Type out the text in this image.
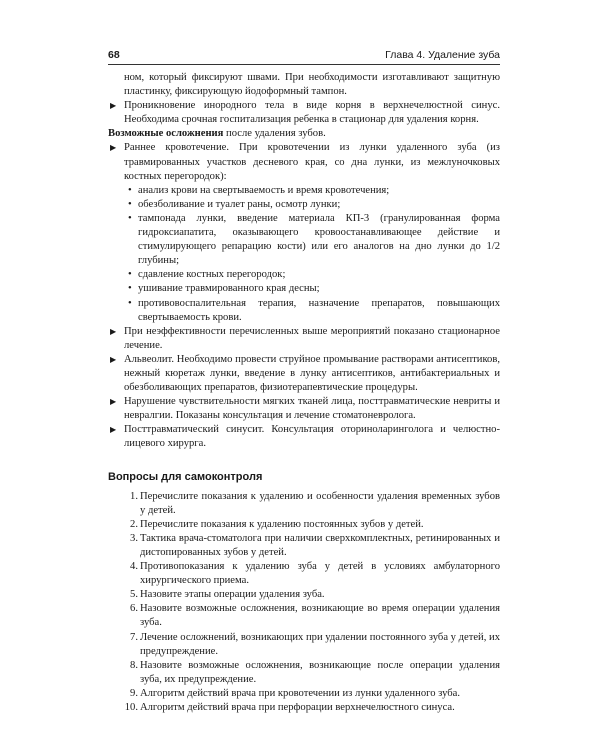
68	Глава 4. Удаление зуба

ном, который фиксируют швами. При необходимости изготавливают защитную пластинку, фиксирующую йодоформный тампон.

▶ Проникновение инородного тела в виде корня в верхнечелюстной синус. Необходима срочная госпитализация ребенка в стационар для удаления корня.

Возможные осложнения после удаления зубов.

▶ Раннее кровотечение. При кровотечении из лунки удаленного зуба (из травмированных участков десневого края, со дна лунки, из межлуночковых костных перегородок):

• анализ крови на свертываемость и время кровотечения;

• обезболивание и туалет раны, осмотр лунки;

• тампонада лунки, введение материала КП-3 (гранулированная форма гидроксиапатита, оказывающего кровоостанавливающее действие и стимулирующего репарацию кости) или его аналогов на дно лунки до 1/2 глубины;

• сдавление костных перегородок;

• ушивание травмированного края десны;

• противовоспалительная терапия, назначение препаратов, повышающих свертываемость крови.

▶ При неэффективности перечисленных выше мероприятий показано стационарное лечение.

▶ Альвеолит. Необходимо провести струйное промывание растворами антисептиков, нежный кюретаж лунки, введение в лунку антисептиков, антибактериальных и обезболивающих препаратов, физиотерапевтические процедуры.

▶ Нарушение чувствительности мягких тканей лица, посттравматические невриты и невралгии. Показаны консультация и лечение стоматоневролога.

▶ Посттравматический синусит. Консультация оториноларинголога и челюстно-лицевого хирурга.

Вопросы для самоконтроля
1. Перечислите показания к удалению и особенности удаления временных зубов у детей.
2. Перечислите показания к удалению постоянных зубов у детей.
3. Тактика врача-стоматолога при наличии сверхкомплектных, ретинированных и дистопированных зубов у детей.
4. Противопоказания к удалению зуба у детей в условиях амбулаторного хирургического приема.
5. Назовите этапы операции удаления зуба.
6. Назовите возможные осложнения, возникающие во время операции удаления зуба.
7. Лечение осложнений, возникающих при удалении постоянного зуба у детей, их предупреждение.
8. Назовите возможные осложнения, возникающие после операции удаления зуба, их предупреждение.
9. Алгоритм действий врача при кровотечении из лунки удаленного зуба.
10. Алгоритм действий врача при перфорации верхнечелюстного синуса.
